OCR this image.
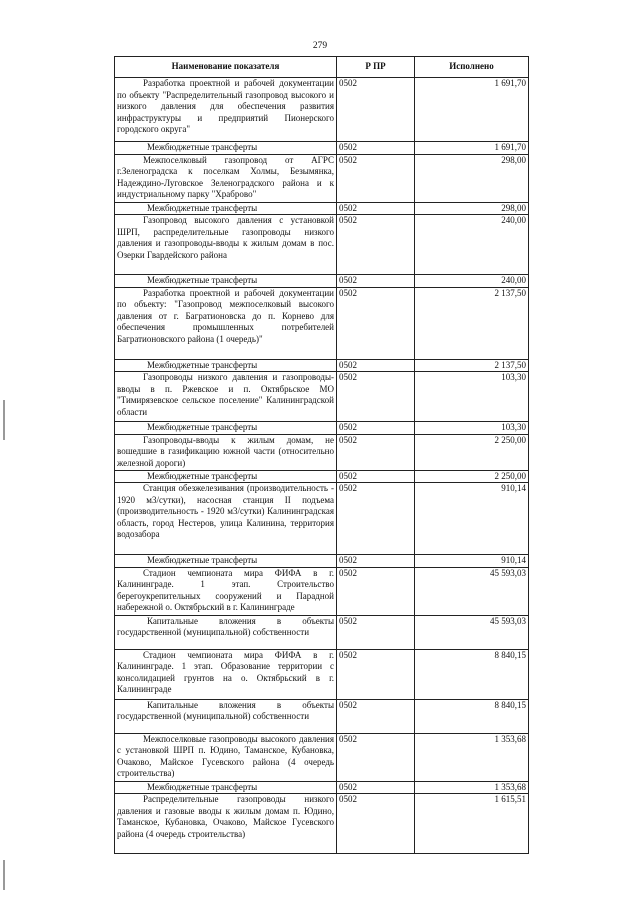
279
Наименование показателя	Р ПР	Исполнено

Разработка проектной и рабочей документации по объекту "Распределительный газопровод высокого и низкого давления для обеспечения развития инфраструктуры и предприятий Пионерского городского округа"	0502	1 691,70

Межбюджетные трансферты	0502	1 691,70

Межпоселковый газопровод от АГРС г.Зеленоградска к поселкам Холмы, Безымянка, Надеждино-Луговское Зеленоградского района и к индустриальному парку "Храброво"	0502	298,00

Межбюджетные трансферты	0502	298,00

Газопровод высокого давления с установкой ШРП, распределительные газопроводы низкого давления и газопроводы-вводы к жилым домам в пос. Озерки Гвардейского района	0502	240,00

Межбюджетные трансферты	0502	240,00

Разработка проектной и рабочей документации по объекту: "Газопровод межпоселковый высокого давления от г. Багратионовска до п. Корнево для обеспечения промышленных потребителей Багратионовского района (1 очередь)"	0502	2 137,50

Межбюджетные трансферты	0502	2 137,50

Газопроводы низкого давления и газопроводы-вводы в п. Ржевское и п. Октябрьское МО "Тимирязевское сельское поселение" Калининградской области	0502	103,30

Межбюджетные трансферты	0502	103,30

Газопроводы-вводы к жилым домам, не вошедшие в газификацию южной части (относительно железной дороги)	0502	2 250,00

Межбюджетные трансферты	0502	2 250,00

Станция обезжелезивания (производительность - 1920 м3/сутки), насосная станция II подъема (производительность - 1920 м3/сутки) Калининградская область, город Нестеров, улица Калинина, территория водозабора	0502	910,14

Межбюджетные трансферты	0502	910,14

Стадион чемпионата мира ФИФА в г. Калининграде. 1 этап. Строительство берегоукрепительных сооружений и Парадной набережной о. Октябрьский в г. Калининграде	0502	45 593,03

Капитальные вложения в объекты государственной (муниципальной) собственности	0502	45 593,03

Стадион чемпионата мира ФИФА в г. Калининграде. 1 этап. Образование территории с консолидацией грунтов на о. Октябрьский в г. Калининграде	0502	8 840,15

Капитальные вложения в объекты государственной (муниципальной) собственности	0502	8 840,15

Межпоселковые газопроводы высокого давления с установкой ШРП п. Юдино, Таманское, Кубановка, Очаково, Майское Гусевского района (4 очередь строительства)	0502	1 353,68

Межбюджетные трансферты	0502	1 353,68

Распределительные газопроводы низкого давления и газовые вводы к жилым домам п. Юдино, Таманское, Кубановка, Очаково, Майское Гусевского района (4 очередь строительства)	0502	1 615,51
